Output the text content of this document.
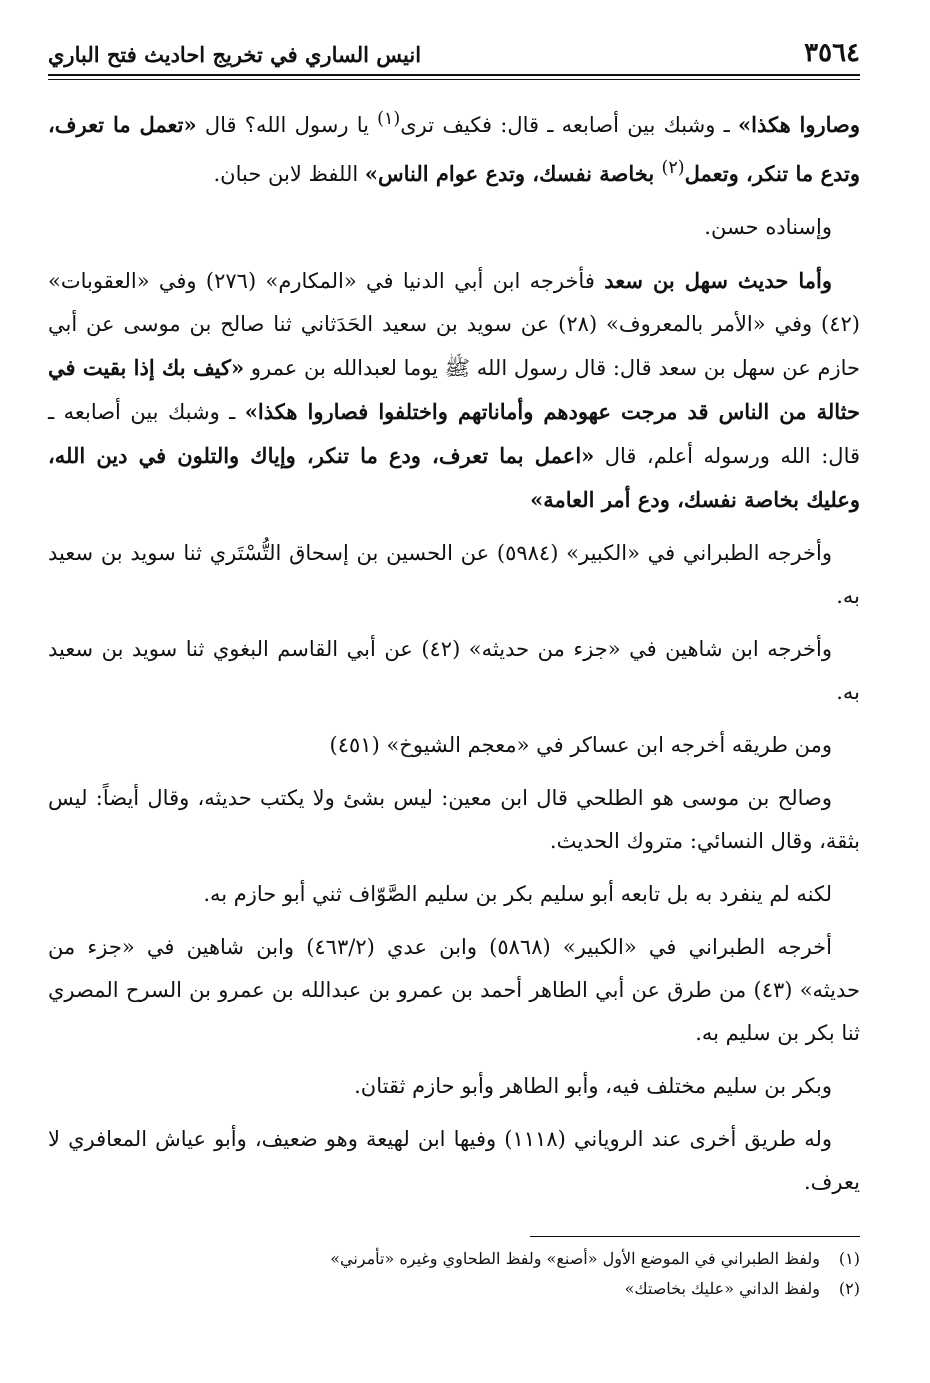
٣٥٦٤
انيس الساري في تخريج احاديث فتح الباري

وصاروا هكذا» ـ وشبك بين أصابعه ـ قال: فكيف ترى$^{(١)}$ يا رسول الله؟ قال «تعمل ما تعرف، وتدع ما تنكر، وتعمل$^{(٢)}$ بخاصة نفسك، وتدع عوام الناس» اللفظ لابن حبان.

وإسناده حسن.

وأما حديث سهل بن سعد فأخرجه ابن أبي الدنيا في «المكارم» (٢٧٦) وفي «العقوبات» (٤٢) وفي «الأمر بالمعروف» (٢٨) عن سويد بن سعيد الحَدَثاني ثنا صالح بن موسى عن أبي حازم عن سهل بن سعد قال: قال رسول الله ﷺ يوما لعبدالله بن عمرو «كيف بك إذا بقيت في حثالة من الناس قد مرجت عهودهم وأماناتهم واختلفوا فصاروا هكذا» ـ وشبك بين أصابعه ـ قال: الله ورسوله أعلم، قال «اعمل بما تعرف، ودع ما تنكر، وإياك والتلون في دين الله، وعليك بخاصة نفسك، ودع أمر العامة»

وأخرجه الطبراني في «الكبير» (٥٩٨٤) عن الحسين بن إسحاق التُّسْتَري ثنا سويد بن سعيد به.

وأخرجه ابن شاهين في «جزء من حديثه» (٤٢) عن أبي القاسم البغوي ثنا سويد بن سعيد به.

ومن طريقه أخرجه ابن عساكر في «معجم الشيوخ» (٤٥١)

وصالح بن موسى هو الطلحي قال ابن معين: ليس بشئ ولا يكتب حديثه، وقال أيضاً: ليس بثقة، وقال النسائي: متروك الحديث.

لكنه لم ينفرد به بل تابعه أبو سليم بكر بن سليم الصَّوّاف ثني أبو حازم به.

أخرجه الطبراني في «الكبير» (٥٨٦٨) وابن عدي (٤٦٣/٢) وابن شاهين في «جزء من حديثه» (٤٣) من طرق عن أبي الطاهر أحمد بن عمرو بن عبدالله بن عمرو بن السرح المصري ثنا بكر بن سليم به.

وبكر بن سليم مختلف فيه، وأبو الطاهر وأبو حازم ثقتان.

وله طريق أخرى عند الروياني (١١١٨) وفيها ابن لهيعة وهو ضعيف، وأبو عياش المعافري لا يعرف.

(١)ولفظ الطبراني في الموضع الأول «أصنع» ولفظ الطحاوي وغيره «تأمرني»
(٢)ولفظ الداني «عليك بخاصتك»
